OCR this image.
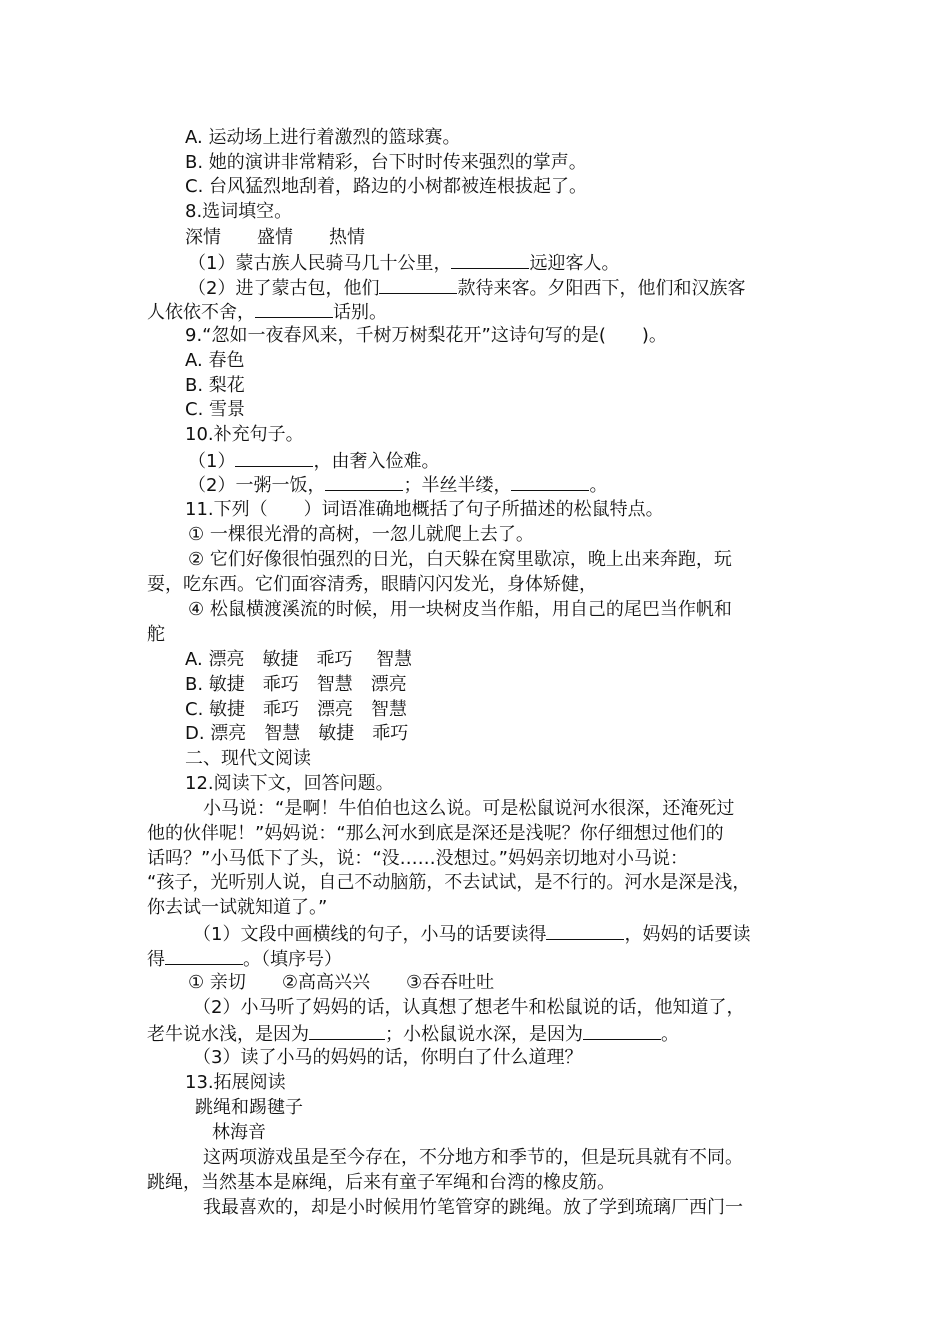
A. 运动场上进行着激烈的篮球赛。
B. 她的演讲非常精彩，台下时时传来强烈的掌声。
C. 台风猛烈地刮着，路边的小树都被连根拔起了。
8.选词填空。
深情　　盛情　　热情
（1）蒙古族人民骑马几十公里，	远迎客人。
（2）进了蒙古包，他们	款待来客。夕阳西下，他们和汉族客
人依依不舍，	话别。
9.“忽如一夜春风来，千树万树梨花开”这诗句写的是(　　)。
A. 春色
B. 梨花
C. 雪景
10.补充句子。
（1）	，由奢入俭难。
（2）一粥一饭，	；半丝半缕，	。
11.下列（　　）词语准确地概括了句子所描述的松鼠特点。
① 一棵很光滑的高树，一忽儿就爬上去了。
② 它们好像很怕强烈的日光，白天躲在窝里歇凉，晚上出来奔跑，玩
耍，吃东西。它们面容清秀，眼睛闪闪发光，身体矫健，
④ 松鼠横渡溪流的时候，用一块树皮当作船，用自己的尾巴当作帆和
舵
A. 漂亮　敏捷　乖巧　 智慧
B. 敏捷　乖巧　智慧　漂亮
C. 敏捷　乖巧　漂亮　智慧
D. 漂亮　智慧　敏捷　乖巧
二、现代文阅读
12.阅读下文，回答问题。
小马说：“是啊！牛伯伯也这么说。可是松鼠说河水很深，还淹死过
他的伙伴呢！”妈妈说：“那么河水到底是深还是浅呢？你仔细想过他们的
话吗？”小马低下了头，说：“没……没想过。”妈妈亲切地对小马说：
“孩子，光听别人说，自己不动脑筋，不去试试，是不行的。河水是深是浅，
你去试一试就知道了。”
（1）文段中画横线的句子，小马的话要读得	，妈妈的话要读
得	。（填序号）
① 亲切　　②高高兴兴　　③吞吞吐吐
（2）小马听了妈妈的话，认真想了想老牛和松鼠说的话，他知道了，
老牛说水浅，是因为	；小松鼠说水深，是因为	。
（3）读了小马的妈妈的话，你明白了什么道理？
13.拓展阅读
跳绳和踢毽子
林海音
这两项游戏虽是至今存在，不分地方和季节的，但是玩具就有不同。
跳绳，当然基本是麻绳，后来有童子军绳和台湾的橡皮筋。
我最喜欢的，却是小时候用竹笔管穿的跳绳。放了学到琉璃厂西门一
